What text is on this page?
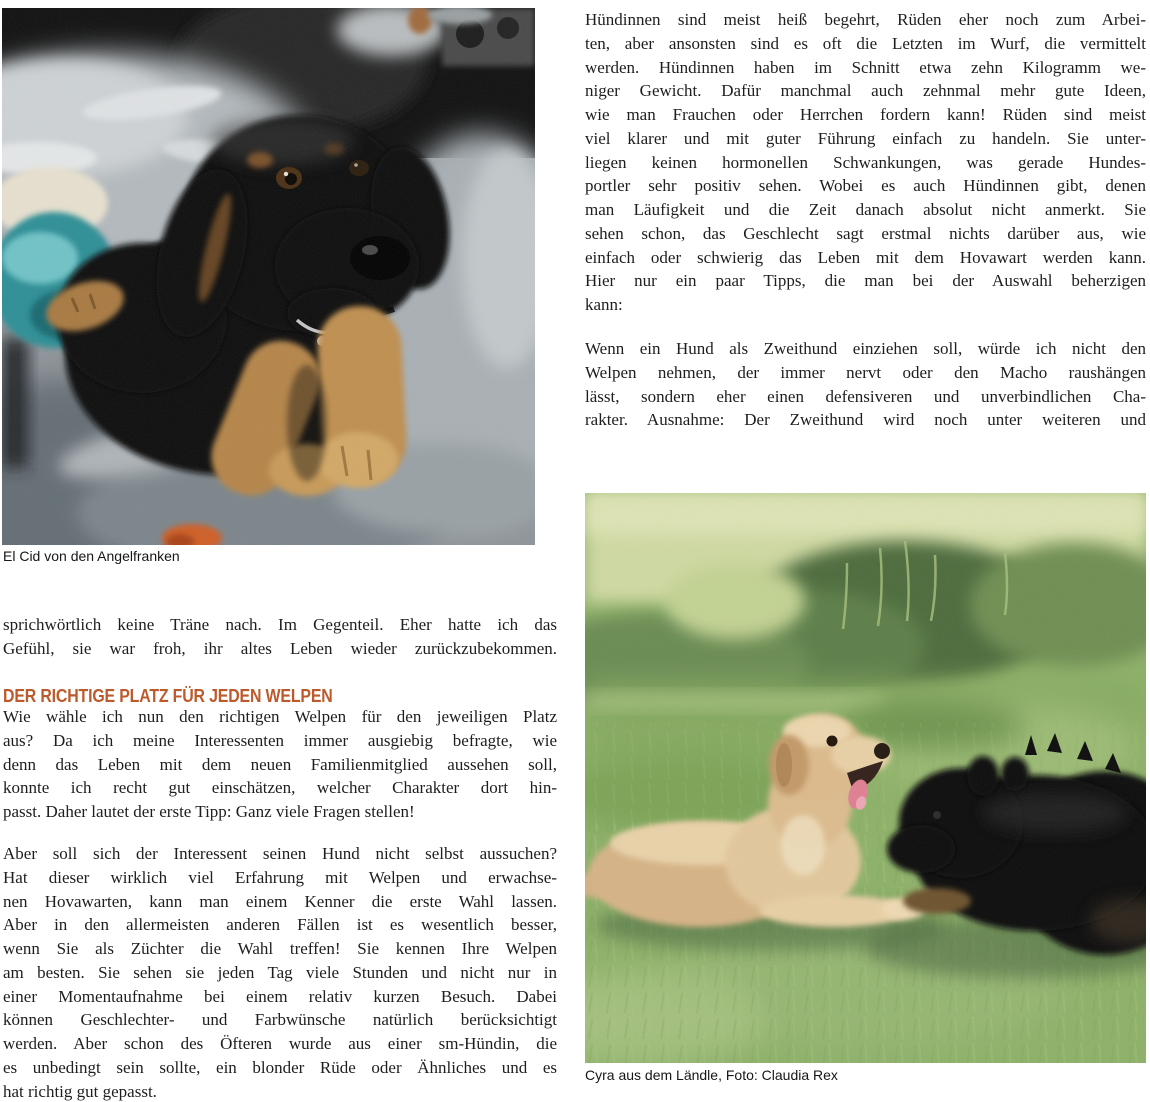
El Cid von den Angelfranken
sprichwörtlich keine Träne nach. Im Gegenteil. Eher hatte ich das
Gefühl, sie war froh, ihr altes Leben wieder zurückzubekommen.
DER RICHTIGE PLATZ FÜR JEDEN WELPEN
Wie wähle ich nun den richtigen Welpen für den jeweiligen Platz
aus? Da ich meine Interessenten immer ausgiebig befragte, wie
denn das Leben mit dem neuen Familienmitglied aussehen soll,
konnte ich recht gut einschätzen, welcher Charakter dort hin-
passt. Daher lautet der erste Tipp: Ganz viele Fragen stellen!
Aber soll sich der Interessent seinen Hund nicht selbst aussuchen?
Hat dieser wirklich viel Erfahrung mit Welpen und erwachse-
nen Hovawarten, kann man einem Kenner die erste Wahl lassen.
Aber in den allermeisten anderen Fällen ist es wesentlich besser,
wenn Sie als Züchter die Wahl treffen! Sie kennen Ihre Welpen
am besten. Sie sehen sie jeden Tag viele Stunden und nicht nur in
einer Momentaufnahme bei einem relativ kurzen Besuch. Dabei
können Geschlechter- und Farbwünsche natürlich berücksichtigt
werden. Aber schon des Öfteren wurde aus einer sm-Hündin, die
es unbedingt sein sollte, ein blonder Rüde oder Ähnliches und es
hat richtig gut gepasst.
Hündinnen sind meist heiß begehrt, Rüden eher noch zum Arbei-
ten, aber ansonsten sind es oft die Letzten im Wurf, die vermittelt
werden. Hündinnen haben im Schnitt etwa zehn Kilogramm we-
niger Gewicht. Dafür manchmal auch zehnmal mehr gute Ideen,
wie man Frauchen oder Herrchen fordern kann! Rüden sind meist
viel klarer und mit guter Führung einfach zu handeln. Sie unter-
liegen keinen hormonellen Schwankungen, was gerade Hundes-
portler sehr positiv sehen. Wobei es auch Hündinnen gibt, denen
man Läufigkeit und die Zeit danach absolut nicht anmerkt. Sie
sehen schon, das Geschlecht sagt erstmal nichts darüber aus, wie
einfach oder schwierig das Leben mit dem Hovawart werden kann.
Hier nur ein paar Tipps, die man bei der Auswahl beherzigen
kann:
Wenn ein Hund als Zweithund einziehen soll, würde ich nicht den
Welpen nehmen, der immer nervt oder den Macho raushängen
lässt, sondern eher einen defensiveren und unverbindlichen Cha-
rakter. Ausnahme: Der Zweithund wird noch unter weiteren und
Cyra aus dem Ländle, Foto: Claudia Rex
